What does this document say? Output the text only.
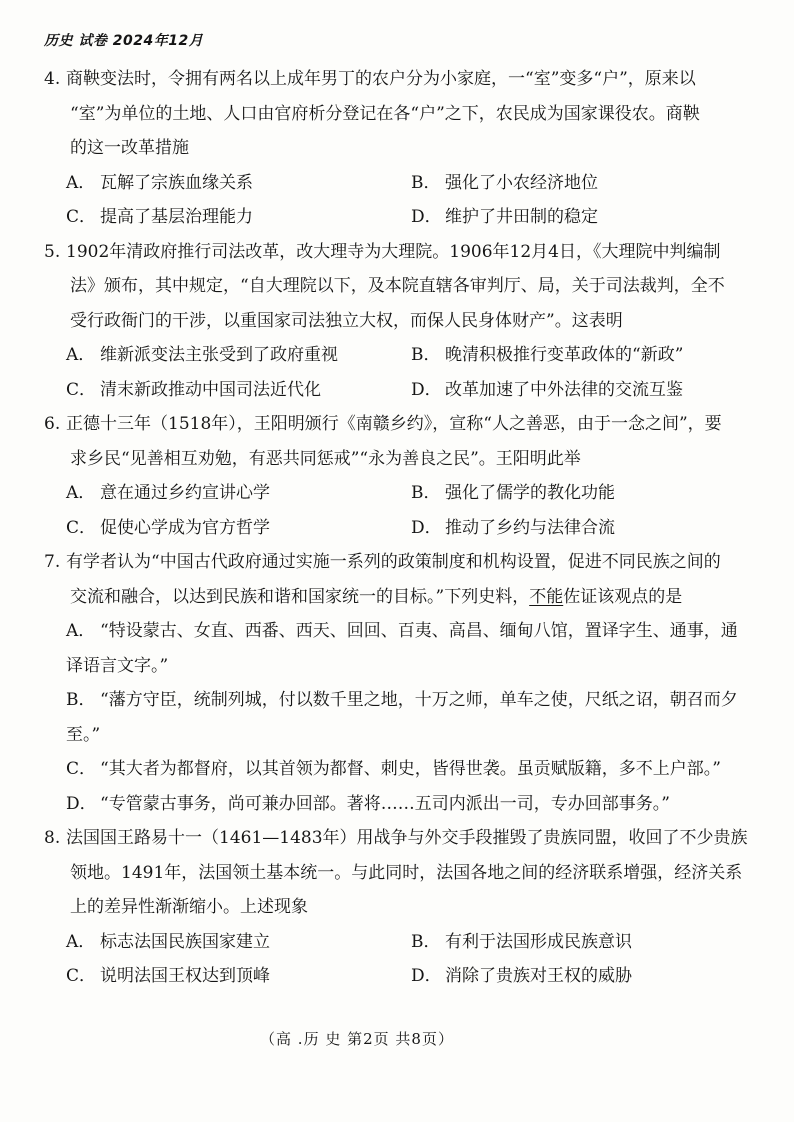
历史 试卷 2024年12月
4. 商鞅变法时，令拥有两名以上成年男丁的农户分为小家庭，一“室”变多“户”，原来以
“室”为单位的土地、人口由官府析分登记在各“户”之下，农民成为国家课役农。商鞅
的这一改革措施
A． 瓦解了宗族血缘关系	B． 强化了小农经济地位
C． 提高了基层治理能力	D． 维护了井田制的稳定
5. 1902年清政府推行司法改革，改大理寺为大理院。1906年12月4日，《大理院中判编制
法》颁布，其中规定，“自大理院以下，及本院直辖各审判厅、局，关于司法裁判，全不
受行政衙门的干涉，以重国家司法独立大权，而保人民身体财产”。这表明
A． 维新派变法主张受到了政府重视	B． 晚清积极推行变革政体的“新政”
C． 清末新政推动中国司法近代化	D． 改革加速了中外法律的交流互鉴
6. 正德十三年（1518年），王阳明颁行《南赣乡约》，宣称“人之善恶，由于一念之间”，要
求乡民“见善相互劝勉，有恶共同惩戒”“永为善良之民”。王阳明此举
A． 意在通过乡约宣讲心学	B． 强化了儒学的教化功能
C． 促使心学成为官方哲学	D． 推动了乡约与法律合流
7. 有学者认为“中国古代政府通过实施一系列的政策制度和机构设置，促进不同民族之间的
交流和融合，以达到民族和谐和国家统一的目标。”下列史料，不能佐证该观点的是
A． “特设蒙古、女直、西番、西天、回回、百夷、高昌、缅甸八馆，置译字生、通事，通
译语言文字。”
B． “藩方守臣，统制列城，付以数千里之地，十万之师，单车之使，尺纸之诏，朝召而夕
至。”
C． “其大者为都督府，以其首领为都督、刺史，皆得世袭。虽贡赋版籍，多不上户部。”
D． “专管蒙古事务，尚可兼办回部。著将……五司内派出一司，专办回部事务。”
8. 法国国王路易十一（1461—1483年）用战争与外交手段摧毁了贵族同盟，收回了不少贵族
领地。1491年，法国领土基本统一。与此同时，法国各地之间的经济联系增强，经济关系
上的差异性渐渐缩小。上述现象
A． 标志法国民族国家建立	B． 有利于法国形成民族意识
C． 说明法国王权达到顶峰	D． 消除了贵族对王权的威胁
（高 .历 史 第2页 共8页）
